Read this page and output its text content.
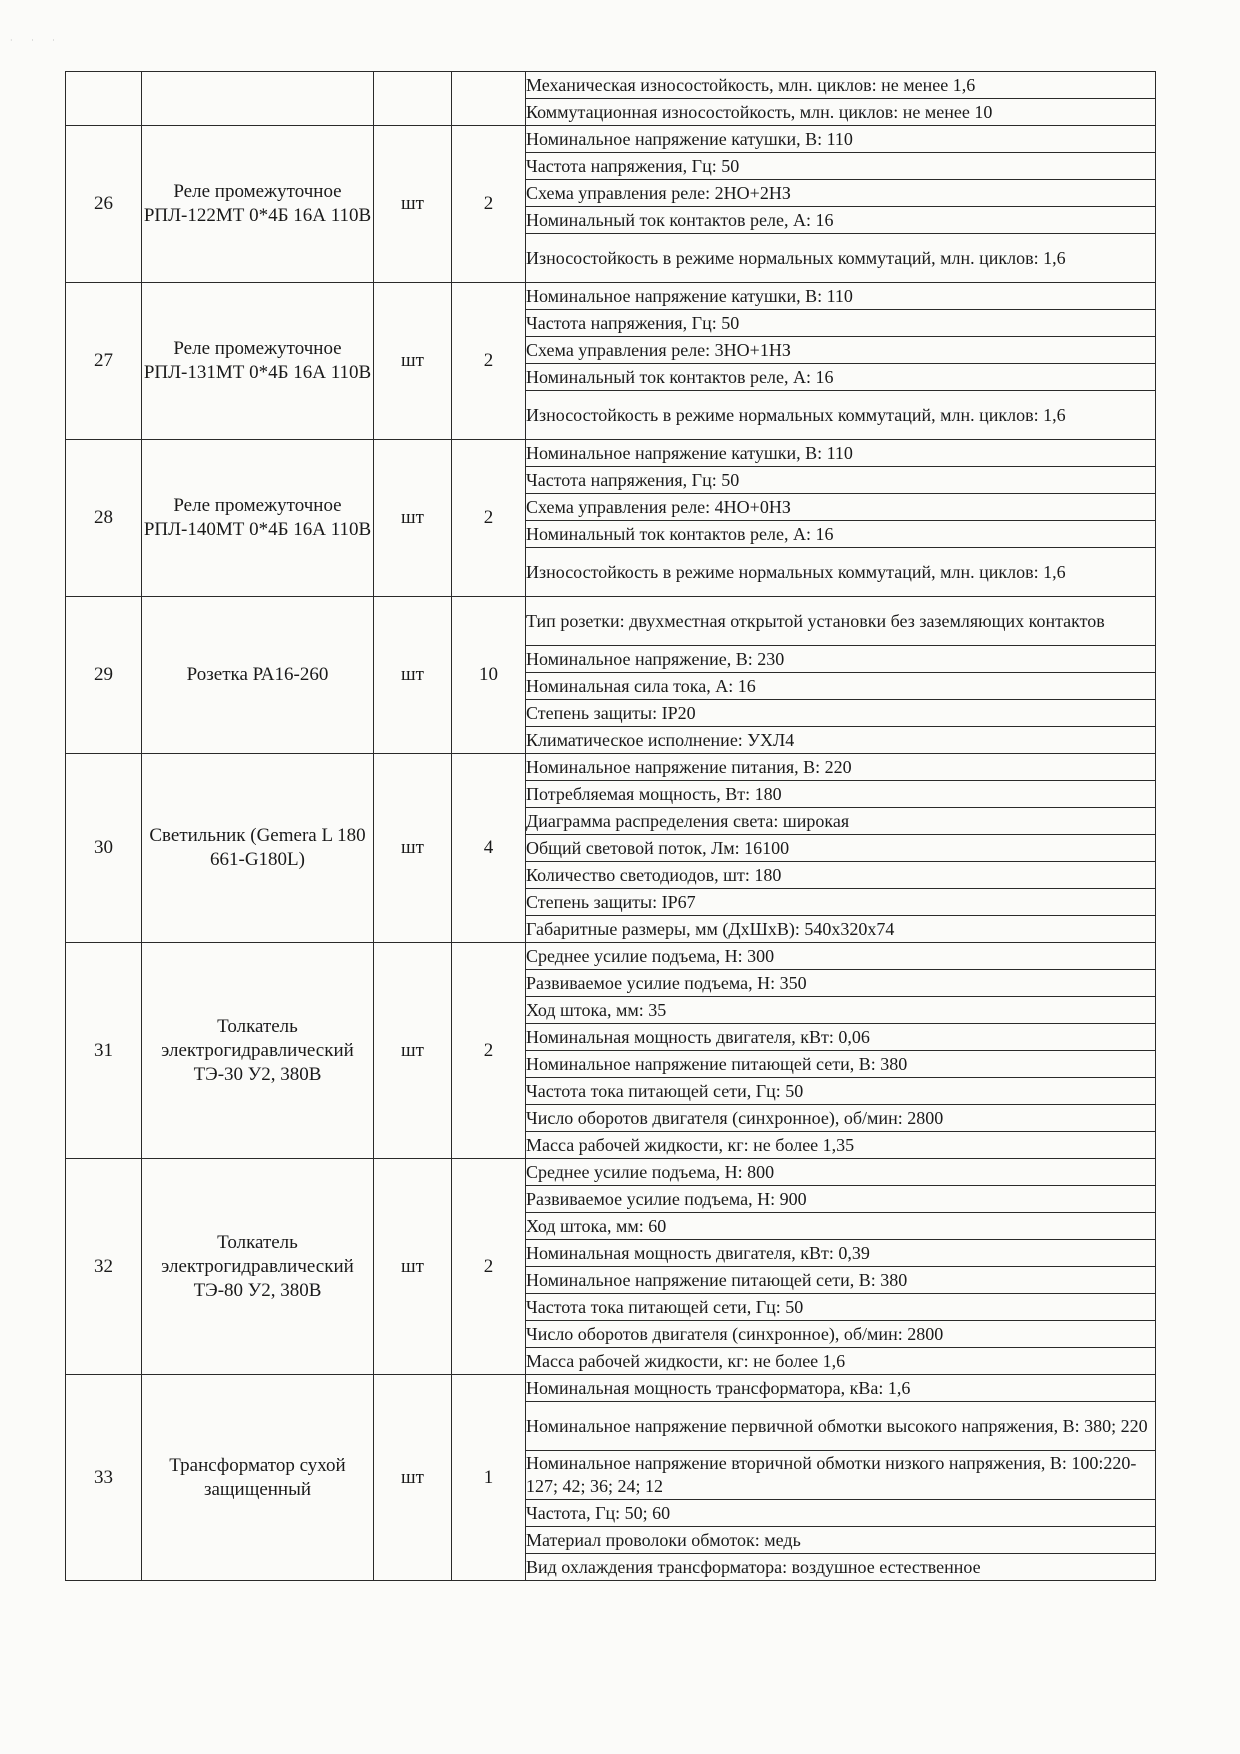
· · ·
				Механическая износостойкость, млн. циклов: не менее 1,6
				Коммутационная износостойкость, млн. циклов: не менее 10
26	Реле промежуточное РПЛ-122МТ 0*4Б 16А 110В	шт	2	Номинальное напряжение катушки, В: 110
				Частота напряжения, Гц: 50
				Схема управления реле: 2НО+2НЗ
				Номинальный ток контактов реле, А: 16
				Износостойкость в режиме нормальных коммутаций, млн. циклов: 1,6
27	Реле промежуточное РПЛ-131МТ 0*4Б 16А 110В	шт	2	Номинальное напряжение катушки, В: 110
				Частота напряжения, Гц: 50
				Схема управления реле: 3НО+1НЗ
				Номинальный ток контактов реле, А: 16
				Износостойкость в режиме нормальных коммутаций, млн. циклов: 1,6
28	Реле промежуточное РПЛ-140МТ 0*4Б 16А 110В	шт	2	Номинальное напряжение катушки, В: 110
				Частота напряжения, Гц: 50
				Схема управления реле: 4НО+0НЗ
				Номинальный ток контактов реле, А: 16
				Износостойкость в режиме нормальных коммутаций, млн. циклов: 1,6
29	Розетка РА16-260	шт	10	Тип розетки: двухместная открытой установки без заземляющих контактов
				Номинальное напряжение, В: 230
				Номинальная сила тока, А: 16
				Степень защиты: IP20
				Климатическое исполнение: УХЛ4
30	Светильник (Gemera L 180 661-G180L)	шт	4	Номинальное напряжение питания, В: 220
				Потребляемая мощность, Вт: 180
				Диаграмма распределения света: широкая
				Общий световой поток, Лм: 16100
				Количество светодиодов, шт: 180
				Степень защиты: IP67
				Габаритные размеры, мм (ДхШхВ): 540х320х74
31	Толкатель электрогидравлический ТЭ-30 У2, 380В	шт	2	Среднее усилие подъема, Н: 300
				Развиваемое усилие подъема, Н: 350
				Ход штока, мм: 35
				Номинальная мощность двигателя, кВт: 0,06
				Номинальное напряжение питающей сети, В: 380
				Частота тока питающей сети, Гц: 50
				Число оборотов двигателя (синхронное), об/мин: 2800
				Масса рабочей жидкости, кг: не более 1,35
32	Толкатель электрогидравлический ТЭ-80 У2, 380В	шт	2	Среднее усилие подъема, Н: 800
				Развиваемое усилие подъема, Н: 900
				Ход штока, мм: 60
				Номинальная мощность двигателя, кВт: 0,39
				Номинальное напряжение питающей сети, В: 380
				Частота тока питающей сети, Гц: 50
				Число оборотов двигателя (синхронное), об/мин: 2800
				Масса рабочей жидкости, кг: не более 1,6
33	Трансформатор сухой защищенный	шт	1	Номинальная мощность трансформатора, кВа: 1,6
				Номинальное напряжение первичной обмотки высокого напряжения, В: 380; 220
				Номинальное напряжение вторичной обмотки низкого напряжения, В: 100:220-127; 42; 36; 24; 12
				Частота, Гц: 50; 60
				Материал проволоки обмоток: медь
				Вид охлаждения трансформатора: воздушное естественное
